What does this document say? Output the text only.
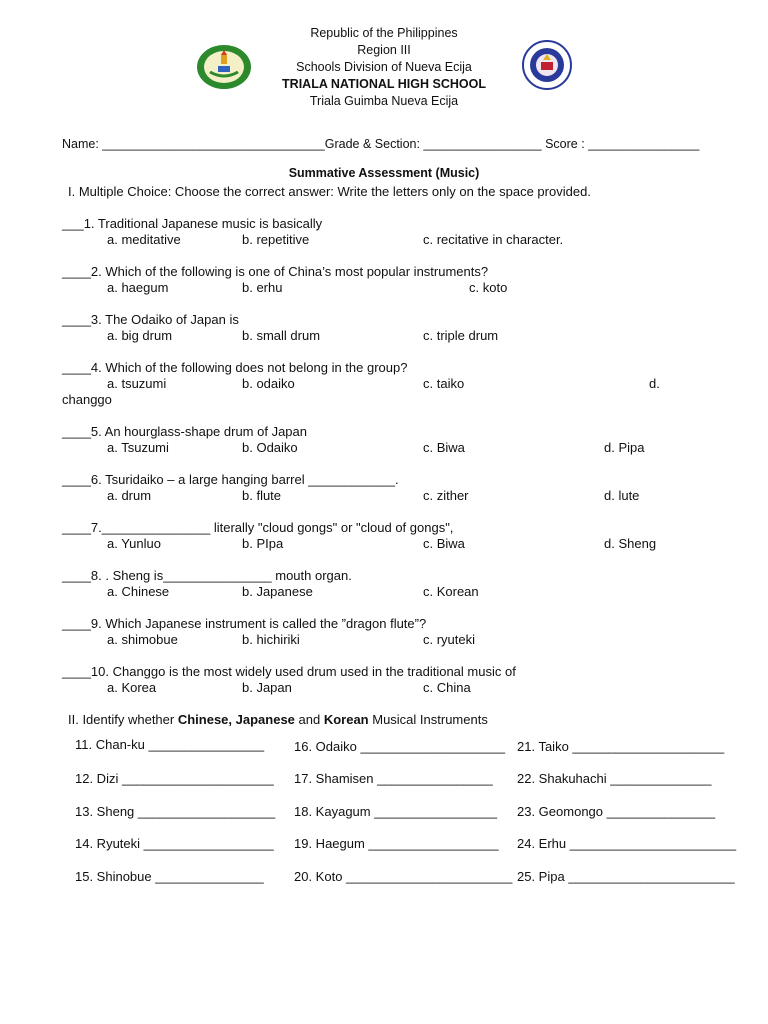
Republic of the Philippines
Region III
Schools Division of Nueva Ecija
TRIALA NATIONAL HIGH SCHOOL
Triala Guimba Nueva Ecija
Name: ________________________________Grade & Section: _________________ Score : ________________
Summative Assessment (Music)
I. Multiple Choice: Choose the correct answer: Write the letters only on the space provided.
___1. Traditional Japanese music is basically
a. meditative	b. repetitive	c. recitative in character.
____2. Which of the following is one of China’s most popular instruments?
a. haegum	b. erhu	c. koto
____3. The Odaiko of Japan is
a. big drum	b. small drum	c. triple drum
____4. Which of the following does not belong in the group?
a. tsuzumi	b. odaiko	c. taiko	d.
changgo
____5. An hourglass-shape drum of Japan
a. Tsuzumi	b. Odaiko	c. Biwa	d. Pipa
____6. Tsuridaiko – a large hanging barrel ____________.
a. drum	b. flute	c. zither	d. lute
____7._______________ literally "cloud gongs" or "cloud of gongs",
a. Yunluo	b. PIpa	c. Biwa	d. Sheng
____8. . Sheng is_______________ mouth organ.
a. Chinese	b. Japanese	c. Korean
____9. Which Japanese instrument is called the ”dragon flute”?
a. shimobue	b. hichiriki	c. ryuteki
____10. Changgo is the most widely used drum used in the traditional music of
a. Korea	b. Japan	c. China
II. Identify whether Chinese, Japanese and Korean Musical Instruments
11. Chan-ku ________________
12. Dizi _____________________
13. Sheng ___________________
14. Ryuteki __________________
15. Shinobue _______________
16. Odaiko ____________________
17. Shamisen ________________
18. Kayagum _________________
19. Haegum __________________
20. Koto _______________________
21. Taiko _____________________
22. Shakuhachi ______________
23. Geomongo _______________
24. Erhu _______________________
25. Pipa _______________________
